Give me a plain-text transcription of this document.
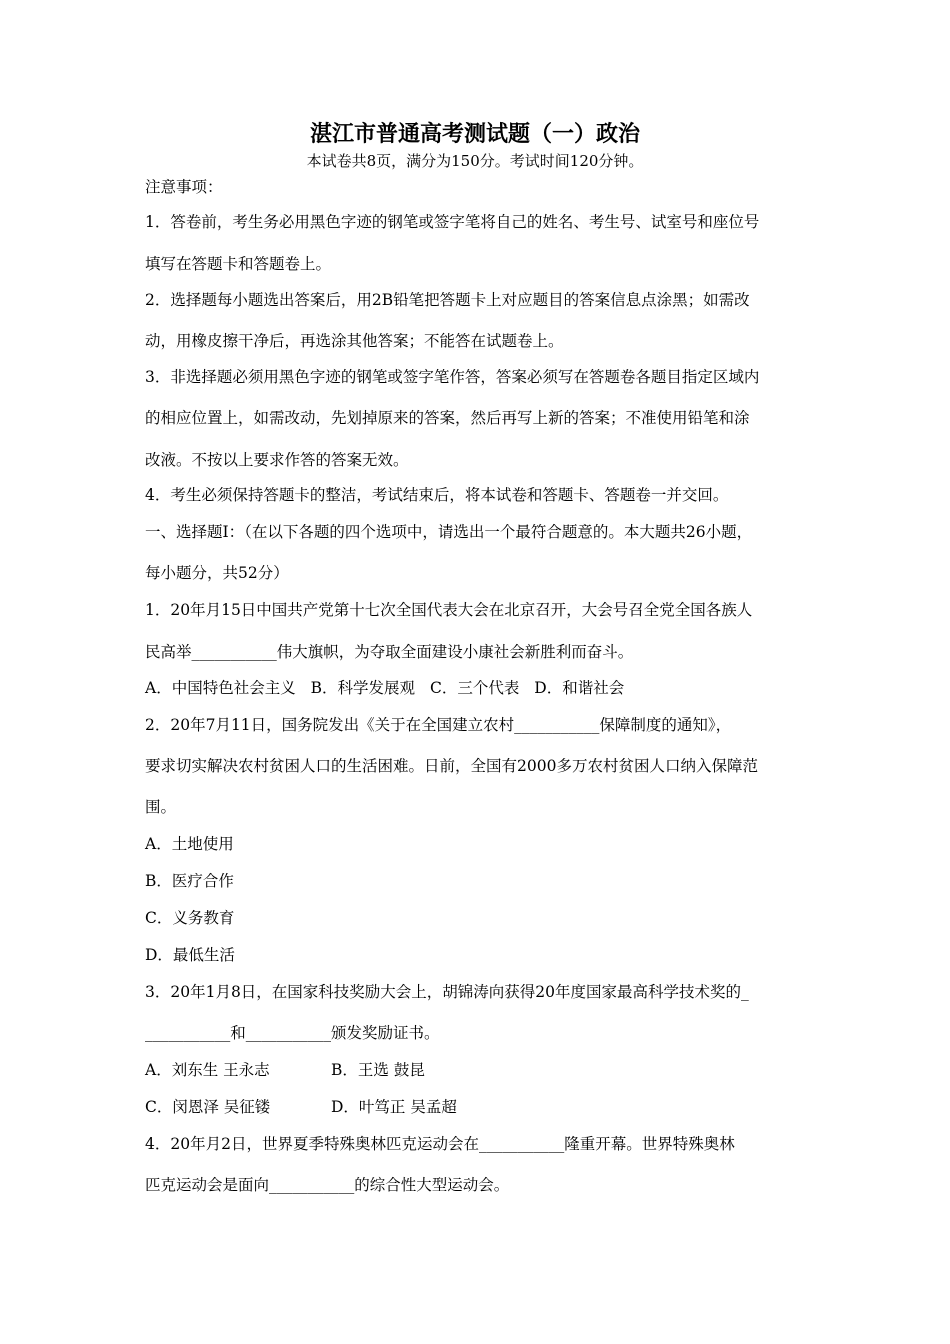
湛江市普通高考测试题（一）政治
本试卷共8页，满分为150分。考试时间120分钟。
注意事项：
1．答卷前，考生务必用黑色字迹的钢笔或签字笔将自己的姓名、考生号、试室号和座位号
填写在答题卡和答题卷上。
2．选择题每小题选出答案后，用2B铅笔把答题卡上对应题目的答案信息点涂黑；如需改
动，用橡皮擦干净后，再选涂其他答案；不能答在试题卷上。
3．非选择题必须用黑色字迹的钢笔或签字笔作答，答案必须写在答题卷各题目指定区域内
的相应位置上，如需改动，先划掉原来的答案，然后再写上新的答案；不准使用铅笔和涂
改液。不按以上要求作答的答案无效。
4．考生必须保持答题卡的整洁，考试结束后，将本试卷和答题卡、答题卷一并交回。
一、选择题I：（在以下各题的四个选项中，请选出一个最符合题意的。本大题共26小题，
每小题分，共52分）
1．20年月15日中国共产党第十七次全国代表大会在北京召开，大会号召全党全国各族人
民高举___________伟大旗帜，为夺取全面建设小康社会新胜利而奋斗。
A．中国特色社会主义 B．科学发展观 C．三个代表 D．和谐社会
2．20年7月11日，国务院发出《关于在全国建立农村___________保障制度的通知》，
要求切实解决农村贫困人口的生活困难。日前，全国有2000多万农村贫困人口纳入保障范
围。
A．土地使用
B．医疗合作
C．义务教育
D．最低生活
3．20年1月8日，在国家科技奖励大会上，胡锦涛向获得20年度国家最高科学技术奖的_
___________和___________颁发奖励证书。
A．刘东生 王永志	B．王选 鼓昆
C．闵恩泽 吴征镂	D．叶笃正 吴孟超
4．20年月2日，世界夏季特殊奥林匹克运动会在___________隆重开幕。世界特殊奥林
匹克运动会是面向___________的综合性大型运动会。
